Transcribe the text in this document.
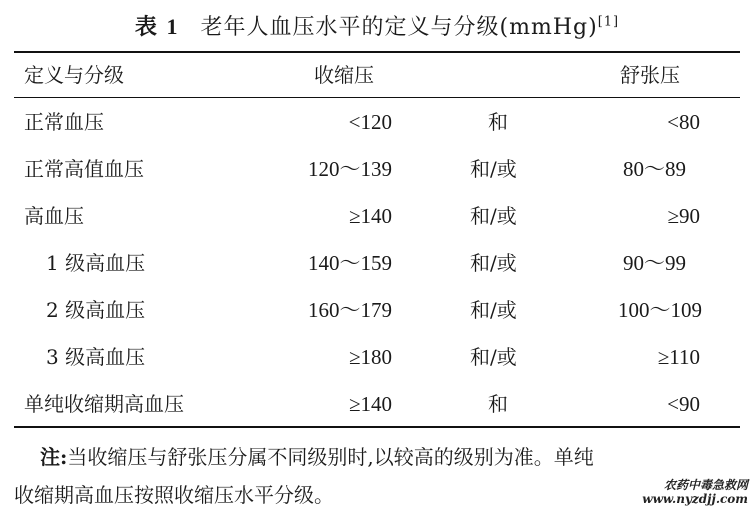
表 1 老年人血压水平的定义与分级(mmHg)[1]
定义与分级	收缩压	舒张压
正常血压	<120	和	<80
正常高值血压	120～139	和/或	80～89
高血压	≥140	和/或	≥90
1 级高血压	140～159	和/或	90～99
2 级高血压	160～179	和/或	100～109
3 级高血压	≥180	和/或	≥110
单纯收缩期高血压	≥140	和	<90
注:当收缩压与舒张压分属不同级别时,以较高的级别为准。单纯
收缩期高血压按照收缩压水平分级。	农药中毒急救网
www.nyzdjj.com
